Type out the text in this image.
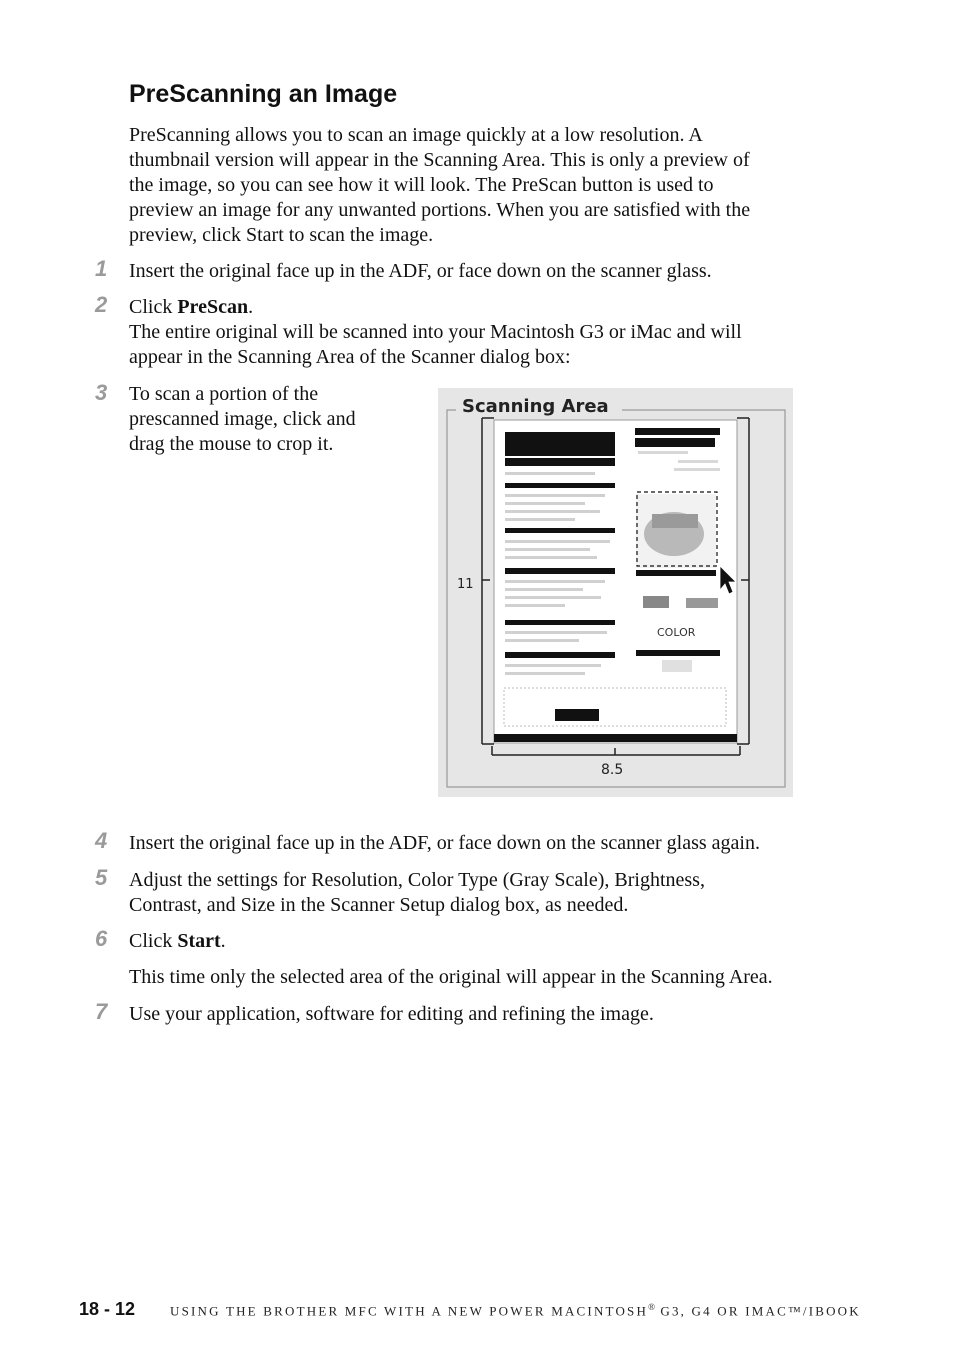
PreScanning an Image
PreScanning allows you to scan an image quickly at a low resolution. A
thumbnail version will appear in the Scanning Area. This is only a preview of
the image, so you can see how it will look. The PreScan button is used to
preview an image for any unwanted portions. When you are satisfied with the
preview, click Start to scan the image.
1	Insert the original face up in the ADF, or face down on the scanner glass.
2	Click PreScan.
The entire original will be scanned into your Macintosh G3 or iMac and will
appear in the Scanning Area of the Scanner dialog box:
3	To scan a portion of the
prescanned image, click and
drag the mouse to crop it.
Scanning Area
COLOR
11
8.5
4	Insert the original face up in the ADF, or face down on the scanner glass again.
5	Adjust the settings for Resolution, Color Type (Gray Scale), Brightness,
Contrast, and Size in the Scanner Setup dialog box, as needed.
6	Click Start.
This time only the selected area of the original will appear in the Scanning Area.
7	Use your application, software for editing and refining the image.
18 - 12	USING THE BROTHER MFC WITH A NEW POWER MACINTOSH® G3, G4 OR IMAC™/IBOOK
